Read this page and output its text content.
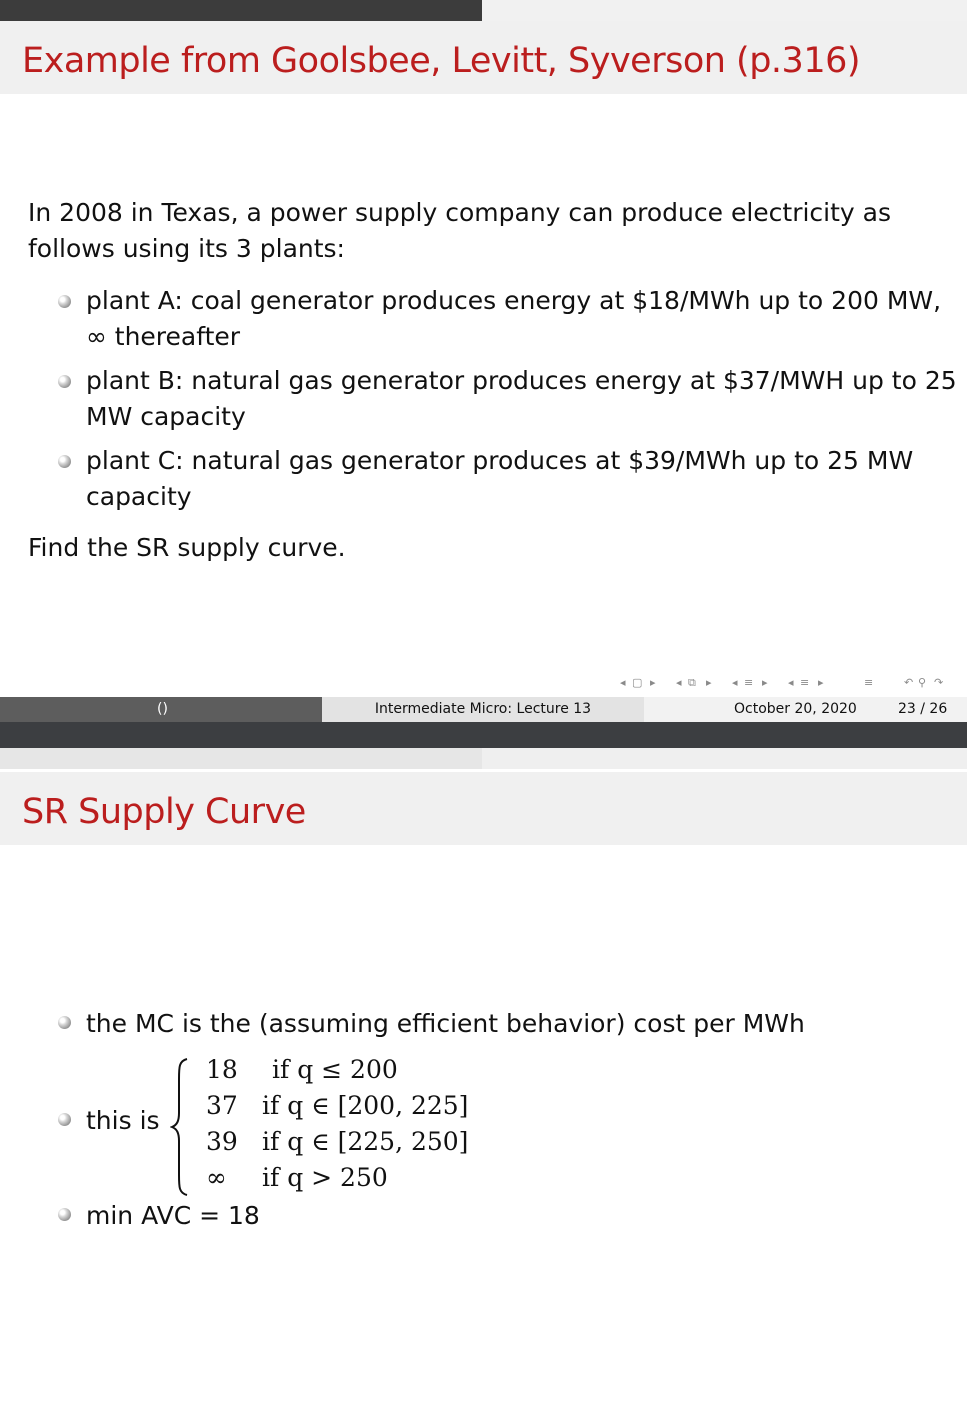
Example from Goolsbee, Levitt, Syverson (p.316)
In 2008 in Texas, a power supply company can produce electricity as follows using its 3 plants:
plant A: coal generator produces energy at $18/MWh up to 200 MW, ∞ thereafter
plant B: natural gas generator produces energy at $37/MWH up to 25 MW capacity
plant C: natural gas generator produces at $39/MWh up to 25 MW capacity
Find the SR supply curve.
◂ ▢ ▸ ◂ ⧉ ▸ ◂ ≡ ▸ ◂ ≡ ▸	≡	↶ ⚲ ↷
()	Intermediate Micro: Lecture 13	October 20, 2020	23 / 26
SR Supply Curve
the MC is the (assuming efficient behavior) cost per MWh
this is
18 if q ≤ 200
37 if q ∈ [200, 225]
39 if q ∈ [225, 250]
∞ if q > 250
min AVC = 18
